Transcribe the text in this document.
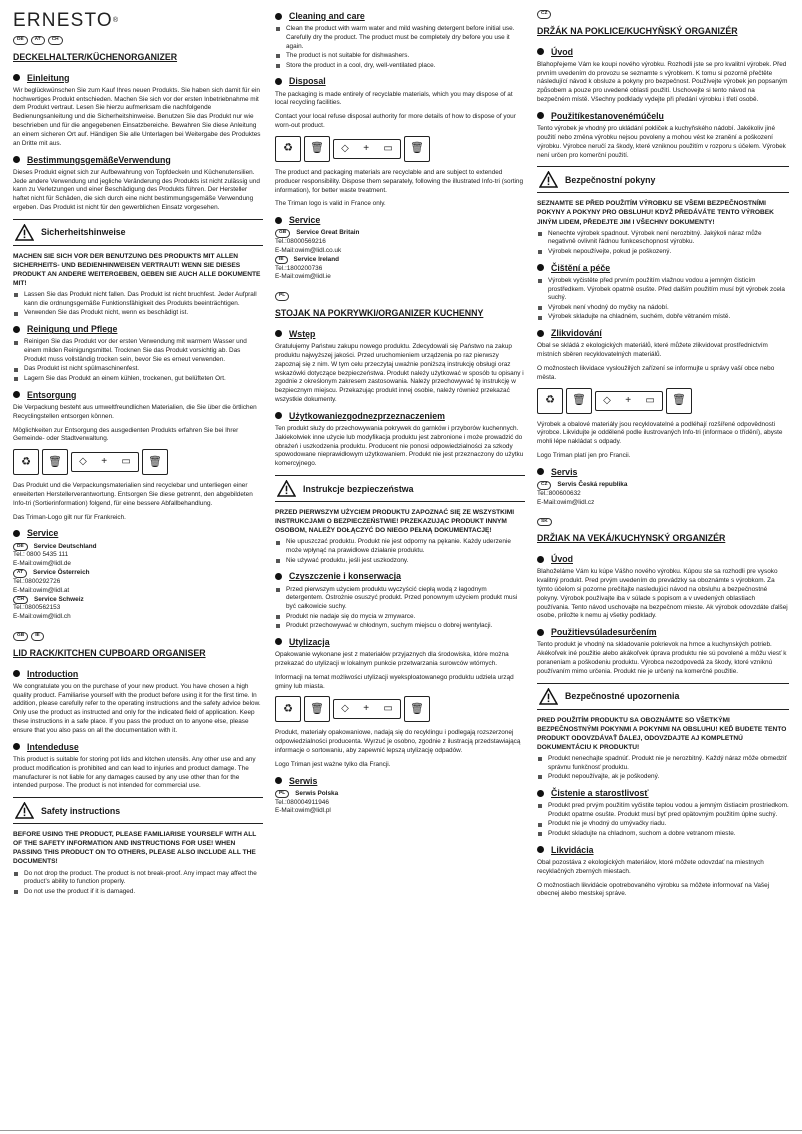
ERNESTO®
DE	AT	CH
DECKELHALTER/KÜCHENORGANIZER
Einleitung

Wir beglückwünschen Sie zum Kauf Ihres neuen Produkts. Sie haben sich damit für ein hochwertiges Produkt entschieden. Machen Sie sich vor der ersten Inbetriebnahme mit dem Produkt vertraut. Lesen Sie hierzu aufmerksam die nachfolgende Bedienungsanleitung und die Sicherheitshinweise. Benutzen Sie das Produkt nur wie beschrieben und für die angegebenen Einsatzbereiche. Bewahren Sie diese Anleitung an einem sicheren Ort auf. Händigen Sie alle Unterlagen bei Weitergabe des Produktes an Dritte mit aus.

BestimmungsgemäßeVerwendung

Dieses Produkt eignet sich zur Aufbewahrung von Topfdeckeln und Küchenutensilien. Jede andere Verwendung und jegliche Veränderung des Produkts ist nicht zulässig und kann zu Verletzungen und einer Beschädigung des Produkts führen. Der Hersteller haftet nicht für Schäden, die sich durch eine nicht bestimmungsgemäße Verwendung ergeben. Das Produkt ist nicht für den gewerblichen Einsatz vorgesehen.

Sicherheitshinweise
MACHEN SIE SICH VOR DER BENUTZUNG DES PRODUKTS MIT ALLEN SICHERHEITS- UND BEDIENHINWEISEN VERTRAUT! WENN SIE DIESES PRODUKT AN ANDERE WEITERGEBEN, GEBEN SIE AUCH ALLE DOKUMENTE MIT!
Lassen Sie das Produkt nicht fallen. Das Produkt ist nicht bruchfest. Jeder Aufprall kann die ordnungsgemäße Funktionsfähigkeit des Produkts beeinträchtigen.
Verwenden Sie das Produkt nicht, wenn es beschädigt ist.
Reinigung und Pflege
Reinigen Sie das Produkt vor der ersten Verwendung mit warmem Wasser und einem milden Reinigungsmittel. Trocknen Sie das Produkt vorsichtig ab. Das Produkt muss vollständig trocken sein, bevor Sie es erneut verwenden.
Das Produkt ist nicht spülmaschinenfest.
Lagern Sie das Produkt an einem kühlen, trockenen, gut belüfteten Ort.
Entsorgung

Die Verpackung besteht aus umweltfreundlichen Materialien, die Sie über die örtlichen Recyclingstellen entsorgen können.

Möglichkeiten zur Entsorgung des ausgedienten Produkts erfahren Sie bei Ihrer Gemeinde- oder Stadtverwaltung.

♻	🗑	◇ + ▭	🗑

Das Produkt und die Verpackungsmaterialien sind recyclebar und unterliegen einer erweiterten Herstellerverantwortung. Entsorgen Sie diese getrennt, den abgebildeten Info-tri (Sortierinformation) folgend, für eine bessere Abfallbehandlung.

Das Triman-Logo gilt nur für Frankreich.

Service
DE	Service Deutschland
Tel.: 0800 5435 111
E-Mail:owim@lidl.de
AT	Service Österreich
Tel.:0800292726
E-Mail:owim@lidl.at
CH	Service Schweiz
Tel.:0800562153
E-Mail:owim@lidl.ch
GB	IE
LID RACK/KITCHEN CUPBOARD ORGANISER
Introduction

We congratulate you on the purchase of your new product. You have chosen a high quality product. Familiarise yourself with the product before using it for the first time. In addition, please carefully refer to the operating instructions and the safety advice below. Only use the product as instructed and only for the indicated field of application. Keep these instructions in a safe place. If you pass the product on to anyone else, please ensure that you also pass on all the documentation with it.

Intendeduse

This product is suitable for storing pot lids and kitchen utensils. Any other use and any product modification is prohibited and can lead to injuries and product damage. The manufacturer is not liable for any damages caused by any use other than for the intended purpose. The product is not intended for commercial use.

Safety instructions
BEFORE USING THE PRODUCT, PLEASE FAMILIARISE YOURSELF WITH ALL OF THE SAFETY INFORMATION AND INSTRUCTIONS FOR USE! WHEN PASSING THIS PRODUCT ON TO OTHERS, PLEASE ALSO INCLUDE ALL THE DOCUMENTS!
Do not drop the product. The product is not break-proof. Any impact may affect the product’s ability to function properly.
Do not use the product if it is damaged.
Cleaning and care
Clean the product with warm water and mild washing detergent before initial use. Carefully dry the product. The product must be completely dry before you use it again.
The product is not suitable for dishwashers.
Store the product in a cool, dry, well-ventilated place.
Disposal

The packaging is made entirely of recyclable materials, which you may dispose of at local recycling facilities.

Contact your local refuse disposal authority for more details of how to dispose of your worn-out product.

♻	🗑	◇ + ▭	🗑

The product and packaging materials are recyclable and are subject to extended producer responsibility. Dispose them separately, following the illustrated Info-tri (sorting information), for better waste treatment.

The Triman logo is valid in France only.

Service
GB	Service Great Britain
Tel.:08000569216
E-Mail:owim@lidl.co.uk
IE	Service Ireland
Tel.:1800200736
E-Mail:owim@lidl.ie
PL
STOJAK NA POKRYWKI/ORGANIZER KUCHENNY
Wstęp

Gratulujemy Państwu zakupu nowego produktu. Zdecydowali się Państwo na zakup produktu najwyższej jakości. Przed uruchomieniem urządzenia po raz pierwszy zapoznaj się z nim. W tym celu przeczytaj uważnie poniższą instrukcję obsługi oraz wskazówki dotyczące bezpieczeństwa. Produkt należy użytkować w sposób tu opisany i zgodnie z określonym zakresem zastosowania. Należy przechowywać tę instrukcję w bezpiecznym miejscu. Przekazując produkt innej osobie, należy również przekazać wszystkie dokumenty.

Użytkowaniezgodnezprzeznaczeniem

Ten produkt służy do przechowywania pokrywek do garnków i przyborów kuchennych. Jakiekolwiek inne użycie lub modyfikacja produktu jest zabronione i może prowadzić do obrażeń i uszkodzenia produktu. Producent nie ponosi odpowiedzialności za szkody spowodowane nieprawidłowym użytkowaniem. Produkt nie jest przeznaczony do użytku komercyjnego.

Instrukcje bezpieczeństwa
PRZED PIERWSZYM UŻYCIEM PRODUKTU ZAPOZNAĆ SIĘ ZE WSZYSTKIMI INSTRUKCJAMI O BEZPIECZEŃSTWIE! PRZEKAZUJĄC PRODUKT INNYM OSOBOM, NALEŻY DOŁĄCZYĆ DO NIEGO PEŁNĄ DOKUMENTACJĘ!
Nie upuszczać produktu. Produkt nie jest odporny na pękanie. Każdy uderzenie może wpłynąć na prawidłowe działanie produktu.
Nie używać produktu, jeśli jest uszkodzony.
Czyszczenie i konserwacja
Przed pierwszym użyciem produktu wyczyścić ciepłą wodą z łagodnym detergentem. Ostrożnie osuszyć produkt. Przed ponownym użyciem produkt musi być całkowicie suchy.
Produkt nie nadaje się do mycia w zmywarce.
Produkt przechowywać w chłodnym, suchym miejscu o dobrej wentylacji.
Utylizacja

Opakowanie wykonane jest z materiałów przyjaznych dla środowiska, które można przekazać do utylizacji w lokalnym punkcie przetwarzania surowców wtórnych.

Informacji na temat możliwości utylizacji wyeksploatowanego produktu udziela urząd gminy lub miasta.

♻	🗑	◇ + ▭	🗑

Produkt, materiały opakowaniowe, nadają się do recyklingu i podlegają rozszerzonej odpowiedzialności producenta. Wyrzuć je osobno, zgodnie z ilustracją przedstawiającą informacje o sortowaniu, aby zapewnić lepszą utylizację odpadów.

Logo Triman jest ważne tylko dla Francji.

Serwis
PL	Serwis Polska
Tel.:080004911946
E-Mail:owim@lidl.pl
CZ
DRŽÁK NA POKLICE/KUCHYŇSKÝ ORGANIZÉR
Úvod

Blahopřejeme Vám ke koupi nového výrobku. Rozhodli jste se pro kvalitní výrobek. Před prvním uvedením do provozu se seznamte s výrobkem. K tomu si pozorně přečtěte následující návod k obsluze a pokyny pro bezpečnost. Používejte výrobek jen popsaným způsobem a pouze pro uvedené oblasti použití. Uschovejte si tento návod na bezpečném místě. Všechny podklady vydejte při předání výrobku i třetí osobě.

Použitíkestanovenémúčelu

Tento výrobek je vhodný pro ukládání pokliček a kuchyňského nádobí. Jakékoliv jiné použití nebo změna výrobku nejsou povoleny a mohou vést ke zranění a poškození výrobku. Výrobce neručí za škody, které vzniknou použitím v rozporu s účelem. Výrobek není určen pro komerční použití.

Bezpečnostní pokyny
SEZNAMTE SE PŘED POUŽITÍM VÝROBKU SE VŠEMI BEZPEČNOSTNÍMI POKYNY A POKYNY PRO OBSLUHU! KDYŽ PŘEDÁVÁTE TENTO VÝROBEK JINÝM LIDEM, PŘEDEJTE JIM I VŠECHNY DOKUMENTY!
Nenechte výrobek spadnout. Výrobek není nerozbitný. Jakýkoli náraz může negativně ovlivnit řádnou funkceschopnost výrobku.
Výrobek nepoužívejte, pokud je poškozený.
Čištění a péče
Výrobek vyčistěte před prvním použitím vlažnou vodou a jemným čisticím prostředkem. Výrobek opatrně osušte. Před dalším použitím musí být výrobek zcela suchý.
Výrobek není vhodný do myčky na nádobí.
Výrobek skladujte na chladném, suchém, dobře větraném místě.
Zlikvidování

Obal se skládá z ekologických materiálů, které můžete zlikvidovat prostřednictvím místních sběren recyklovatelných materiálů.

O možnostech likvidace vysloužilých zařízení se informujte u správy vaší obce nebo města.

♻	🗑	◇ + ▭	🗑

Výrobek a obalové materiály jsou recyklovatelné a podléhají rozšířené odpovědnosti výrobce. Likvidujte je odděleně podle ilustrovaných Info-tri (informace o třídění), abyste mohli lépe nakládat s odpady.

Logo Triman platí jen pro Francii.

Servis
CZ	Servis Česká republika
Tel.:800600632
E-Mail:owim@lidl.cz
SK
DRŽIAK NA VEKÁ/KUCHYNSKÝ ORGANIZÉR
Úvod

Blahoželáme Vám ku kúpe Vášho nového výrobku. Kúpou ste sa rozhodli pre vysoko kvalitný produkt. Pred prvým uvedením do prevádzky sa oboznámte s výrobkom. Za týmto účelom si pozorne prečítajte nasledujúci návod na obsluhu a bezpečnostné pokyny. Výrobok používajte iba v súlade s popisom a v uvedených oblastiach používania. Tento návod uschovajte na bezpečnom mieste. Ak výrobok odovzdáte ďalšej osobe, priložte k nemu aj všetky podklady.

Použitievsúladesurčením

Tento produkt je vhodný na skladovanie pokrievok na hrnce a kuchynských potrieb. Akékoľvek iné použitie alebo akákoľvek úprava produktu nie sú povolené a môžu viesť k poraneniam a poškodeniu produktu. Výrobca nezodpovedá za škody, ktoré vzniknú používaním mimo určenia. Produkt nie je určený na komerčné použitie.

Bezpečnostné upozornenia
PRED POUŽITÍM PRODUKTU SA OBOZNÁMTE SO VŠETKÝMI BEZPEČNOSTNÝMI POKYNMI A POKYNMI NA OBSLUHU! KEĎ BUDETE TENTO PRODUKT ODOVZDÁVAŤ ĎALEJ, ODOVZDAJTE AJ KOMPLETNÚ DOKUMENTÁCIU K PRODUKTU!
Produkt nenechajte spadnúť. Produkt nie je nerozbitný. Každý náraz môže obmedziť správnu funkčnosť produktu.
Produkt nepoužívajte, ak je poškodený.
Čistenie a starostlivosť
Produkt pred prvým použitím vyčistite teplou vodou a jemným čistiacim prostriedkom. Produkt opatrne osušte. Produkt musí byť pred opätovným použitím úplne suchý.
Produkt nie je vhodný do umývačky riadu.
Produkt skladujte na chladnom, suchom a dobre vetranom mieste.
Likvidácia

Obal pozostáva z ekologických materiálov, ktoré môžete odovzdať na miestnych recyklačných zberných miestach.

O možnostiach likvidácie opotrebovaného výrobku sa môžete informovať na Vašej obecnej alebo mestskej správe.
